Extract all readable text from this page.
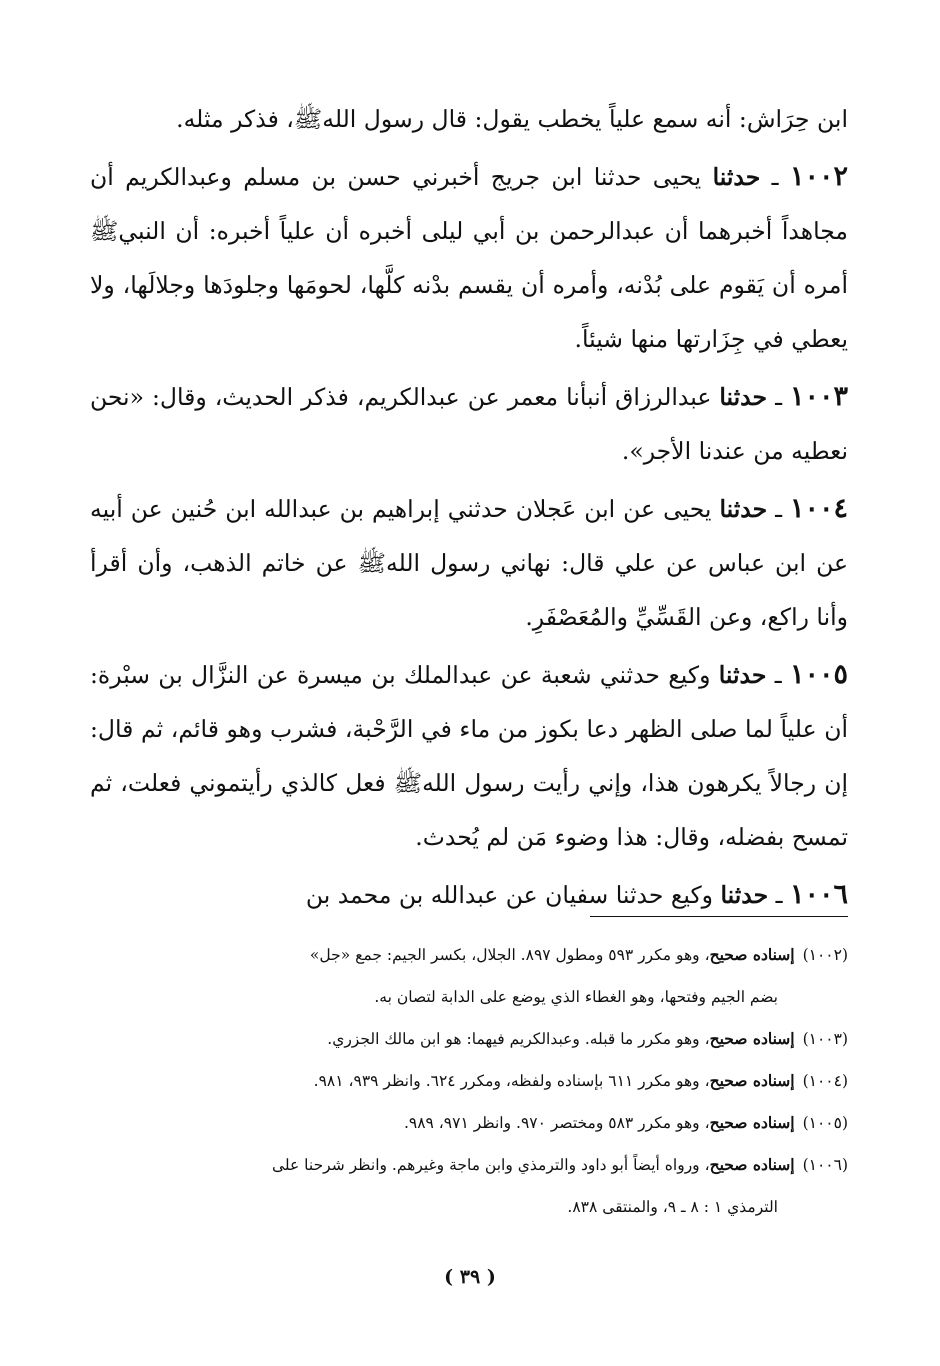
ابن حِرَاش: أنه سمع علياً يخطب يقول: قال رسول اللهﷺ، فذكر مثله.

١٠٠٢ ـ حدثنا يحيى حدثنا ابن جريج أخبرني حسن بن مسلم وعبدالكريم أن مجاهداً أخبرهما أن عبدالرحمن بن أبي ليلى أخبره أن علياً أخبره: أن النبيﷺ أمره أن يَقوم على بُدْنه، وأمره أن يقسم بدْنه كلَّها، لحومَها وجلودَها وجلالَها، ولا يعطي في جِزَارتها منها شيئاً.

١٠٠٣ ـ حدثنا عبدالرزاق أنبأنا معمر عن عبدالكريم، فذكر الحديث، وقال: «نحن نعطيه من عندنا الأجر».

١٠٠٤ ـ حدثنا يحيى عن ابن عَجلان حدثني إبراهيم بن عبدالله ابن حُنين عن أبيه عن ابن عباس عن علي قال: نهاني رسول اللهﷺ عن خاتم الذهب، وأن أقرأ وأنا راكع، وعن القَسِّيِّ والمُعَصْفَرِ.

١٠٠٥ ـ حدثنا وكيع حدثني شعبة عن عبدالملك بن ميسرة عن النزَّال بن سبْرة: أن علياً لما صلى الظهر دعا بكوز من ماء في الرَّحْبة، فشرب وهو قائم، ثم قال: إن رجالاً يكرهون هذا، وإني رأيت رسول اللهﷺ فعل كالذي رأيتموني فعلت، ثم تمسح بفضله، وقال: هذا وضوء مَن لم يُحدث.

١٠٠٦ ـ حدثنا وكيع حدثنا سفيان عن عبدالله بن محمد بن

(١٠٠٢)إسناده صحيح، وهو مكرر ٥٩٣ ومطول ٨٩٧. الجلال، بكسر الجيم: جمع «جل»

بضم الجيم وفتحها، وهو الغطاء الذي يوضع على الدابة لتصان به.

(١٠٠٣)إسناده صحيح، وهو مكرر ما قبله. وعبدالكريم فيهما: هو ابن مالك الجزري.

(١٠٠٤)إسناده صحيح، وهو مكرر ٦١١ بإسناده ولفظه، ومكرر ٦٢٤. وانظر ٩٣٩، ٩٨١.

(١٠٠٥)إسناده صحيح، وهو مكرر ٥٨٣ ومختصر ٩٧٠. وانظر ٩٧١، ٩٨٩.

(١٠٠٦)إسناده صحيح، ورواه أيضاً أبو داود والترمذي وابن ماجة وغيرهم. وانظر شرحنا على

الترمذي ١ : ٨ ـ ٩، والمنتقى ٨٣٨.

( ٣٩ )
